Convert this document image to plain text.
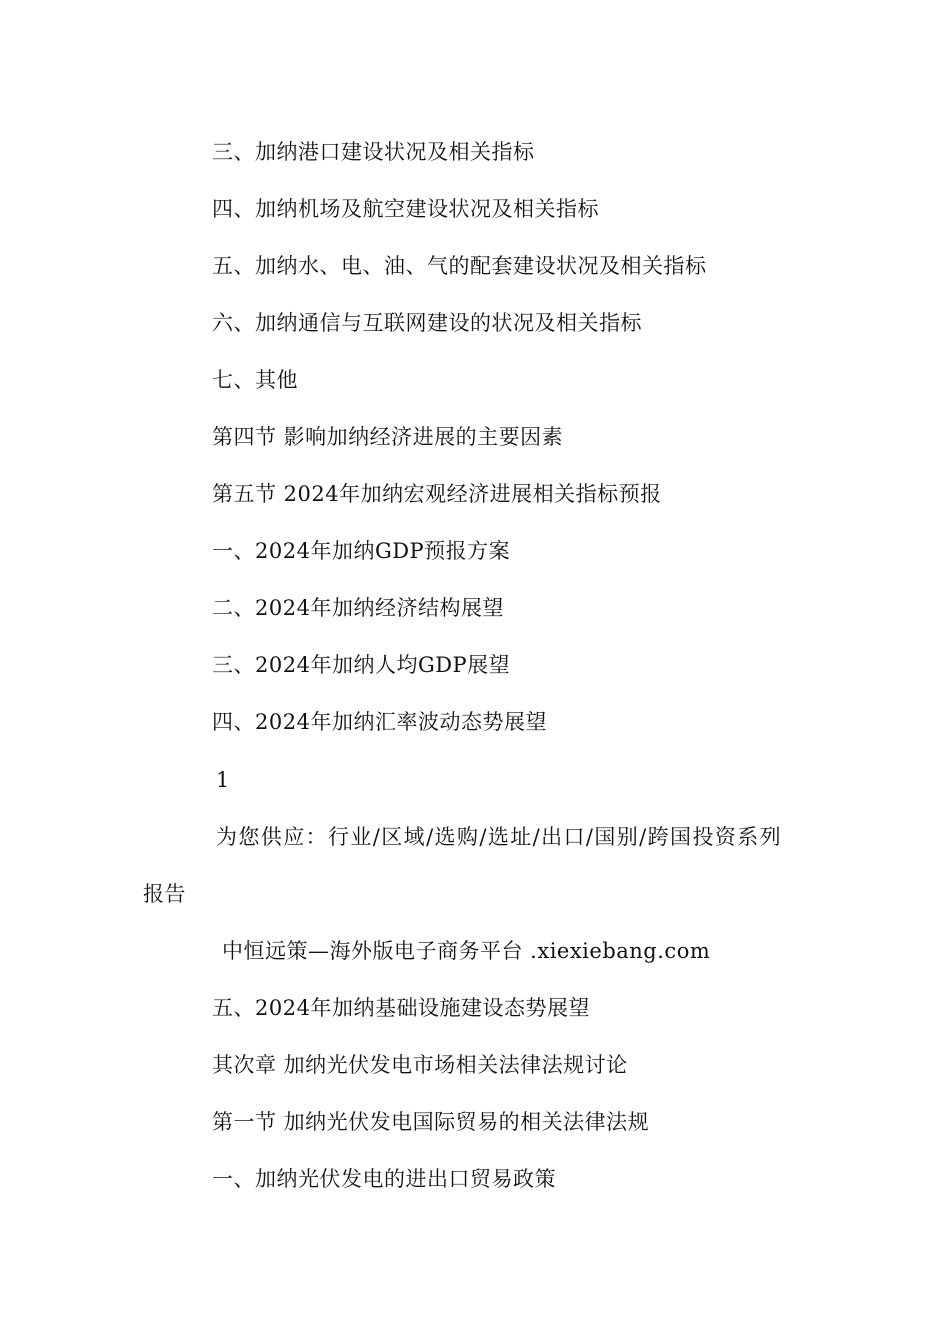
三、加纳港口建设状况及相关指标
四、加纳机场及航空建设状况及相关指标
五、加纳水、电、油、气的配套建设状况及相关指标
六、加纳通信与互联网建设的状况及相关指标
七、其他
第四节 影响加纳经济进展的主要因素
第五节 2024年加纳宏观经济进展相关指标预报
一、2024年加纳GDP预报方案
二、2024年加纳经济结构展望
三、2024年加纳人均GDP展望
四、2024年加纳汇率波动态势展望
1
为您供应：行业/区域/选购/选址/出口/国别/跨国投资系列
报告
中恒远策—海外版电子商务平台 .xiexiebang.com
五、2024年加纳基础设施建设态势展望
其次章 加纳光伏发电市场相关法律法规讨论
第一节 加纳光伏发电国际贸易的相关法律法规
一、加纳光伏发电的进出口贸易政策
